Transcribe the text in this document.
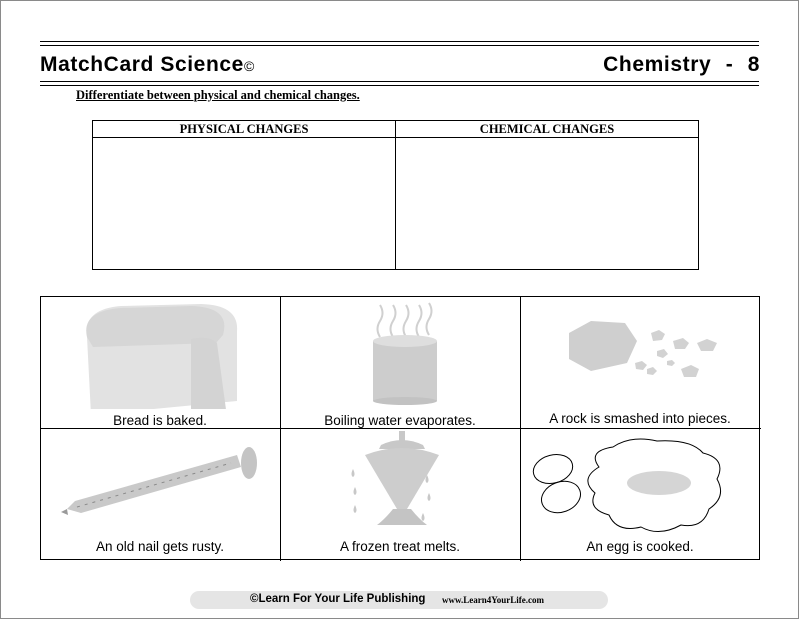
MatchCard Science©	Chemistry - 8
Differentiate between physical and chemical changes.
PHYSICAL CHANGES	CHEMICAL CHANGES

Bread is baked.	Boiling water evaporates.	A rock is smashed into pieces.
An old nail gets rusty.	A frozen treat melts.	An egg is cooked.
©Learn For Your Life Publishing www.Learn4YourLife.com
